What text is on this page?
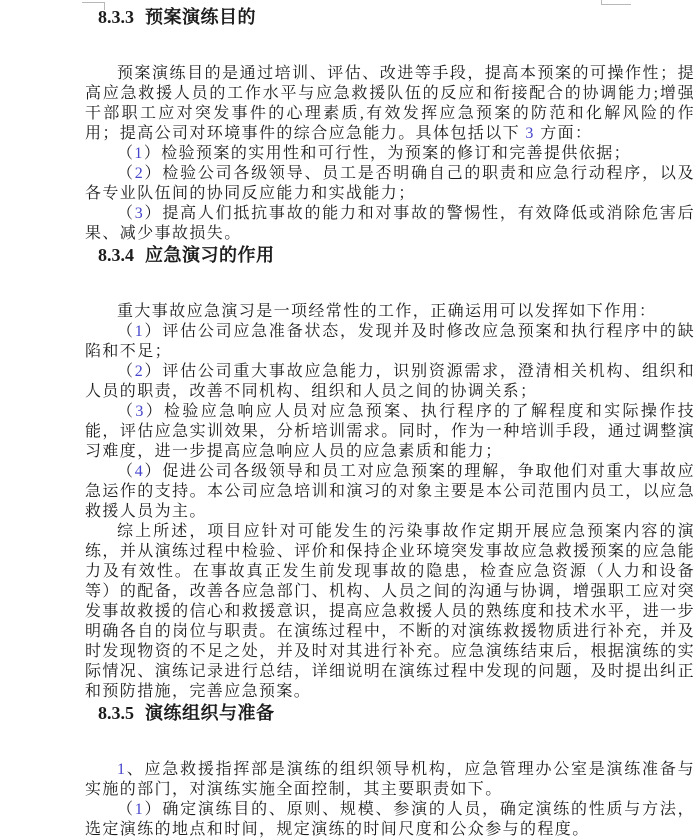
8.3.3 预案演练目的

预案演练目的是通过培训、评估、改进等手段，提高本预案的可操作性；提高应急救援人员的工作水平与应急救援队伍的反应和衔接配合的协调能力;增强干部职工应对突发事件的心理素质,有效发挥应急预案的防范和化解风险的作用；提高公司对环境事件的综合应急能力。具体包括以下 3 方面：

（1）检验预案的实用性和可行性，为预案的修订和完善提供依据；

（2）检验公司各级领导、员工是否明确自己的职责和应急行动程序，以及各专业队伍间的协同反应能力和实战能力；

（3）提高人们抵抗事故的能力和对事故的警惕性，有效降低或消除危害后果、减少事故损失。

8.3.4 应急演习的作用

重大事故应急演习是一项经常性的工作，正确运用可以发挥如下作用：

（1）评估公司应急准备状态，发现并及时修改应急预案和执行程序中的缺陷和不足；

（2）评估公司重大事故应急能力，识别资源需求，澄清相关机构、组织和人员的职责，改善不同机构、组织和人员之间的协调关系；

（3）检验应急响应人员对应急预案、执行程序的了解程度和实际操作技能，评估应急实训效果，分析培训需求。同时，作为一种培训手段，通过调整演习难度，进一步提高应急响应人员的应急素质和能力；

（4）促进公司各级领导和员工对应急预案的理解，争取他们对重大事故应急运作的支持。本公司应急培训和演习的对象主要是本公司范围内员工，以应急救援人员为主。

综上所述，项目应针对可能发生的污染事故作定期开展应急预案内容的演练，并从演练过程中检验、评价和保持企业环境突发事故应急救援预案的应急能力及有效性。在事故真正发生前发现事故的隐患，检查应急资源（人力和设备等）的配备，改善各应急部门、机构、人员之间的沟通与协调，增强职工应对突发事故救援的信心和救援意识，提高应急救援人员的熟练度和技术水平，进一步明确各自的岗位与职责。在演练过程中，不断的对演练救援物质进行补充，并及时发现物资的不足之处，并及时对其进行补充。应急演练结束后，根据演练的实际情况、演练记录进行总结，详细说明在演练过程中发现的问题，及时提出纠正和预防措施，完善应急预案。

8.3.5 演练组织与准备

1、应急救援指挥部是演练的组织领导机构，应急管理办公室是演练准备与实施的部门，对演练实施全面控制，其主要职责如下。

（1）确定演练目的、原则、规模、参演的人员，确定演练的性质与方法，选定演练的地点和时间，规定演练的时间尺度和公众参与的程度。
